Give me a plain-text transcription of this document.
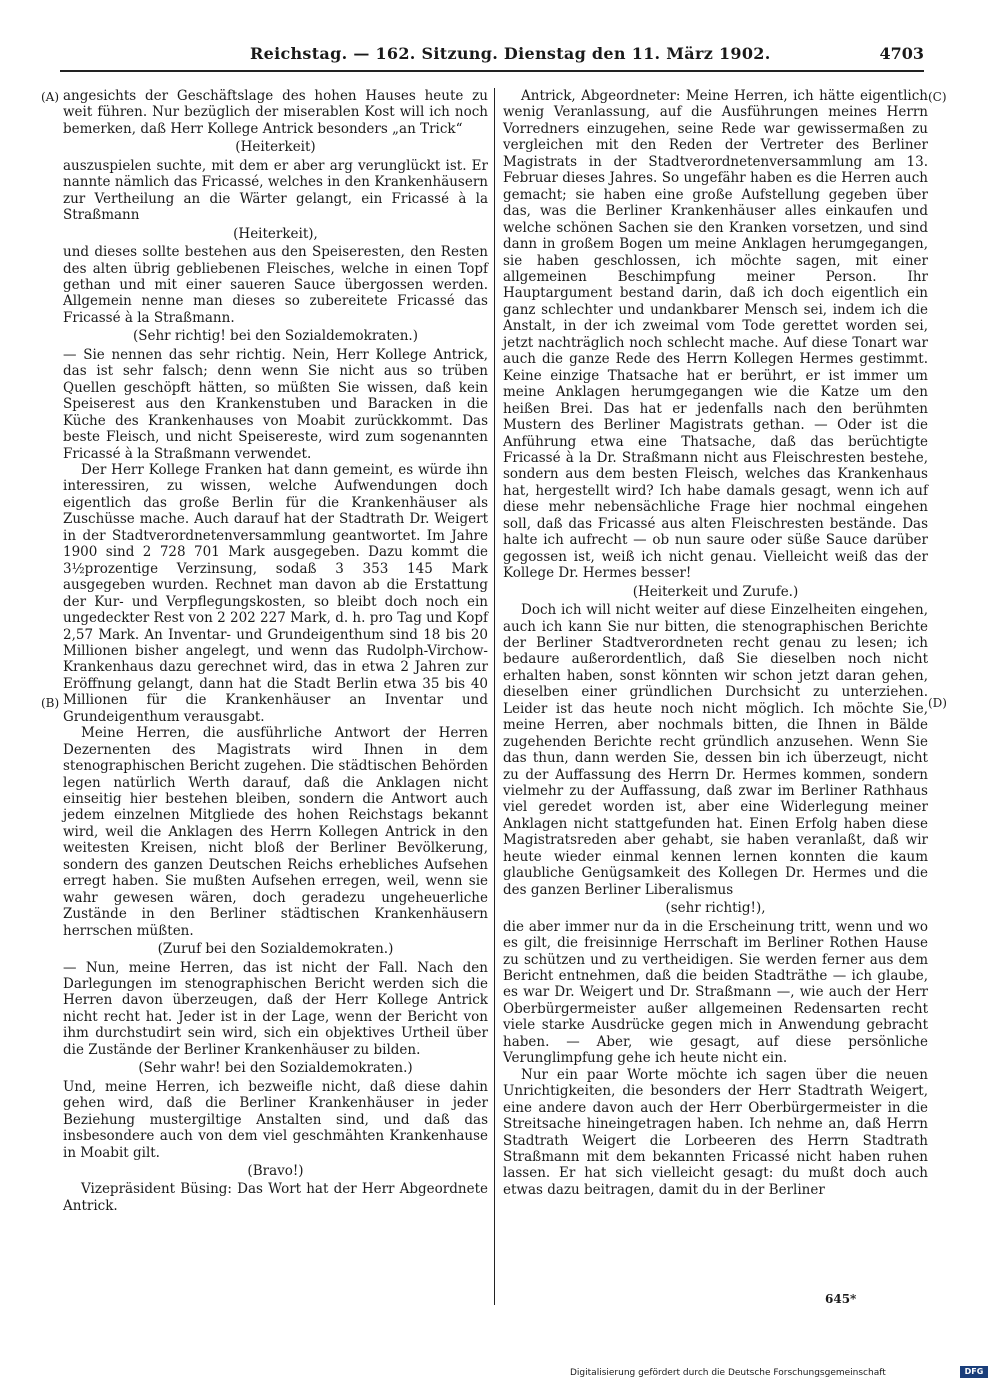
Reichstag. — 162. Sitzung. Dienstag den 11. März 1902.	4703
(A)
(B)
(C)
(D)

angesichts der Geschäftslage des hohen Hauses heute zu weit führen. Nur bezüglich der miserablen Kost will ich noch bemerken, daß Herr Kollege Antrick besonders „an Trick“

(Heiterkeit)

auszuspielen suchte, mit dem er aber arg verunglückt ist. Er nannte nämlich das Fricassé, welches in den Krankenhäusern zur Vertheilung an die Wärter gelangt, ein Fricassé à la Straßmann

(Heiterkeit),

und dieses sollte bestehen aus den Speiseresten, den Resten des alten übrig gebliebenen Fleisches, welche in einen Topf gethan und mit einer saueren Sauce übergossen werden. Allgemein nenne man dieses so zubereitete Fricassé das Fricassé à la Straßmann.

(Sehr richtig! bei den Sozialdemokraten.)

— Sie nennen das sehr richtig. Nein, Herr Kollege Antrick, das ist sehr falsch; denn wenn Sie nicht aus so trüben Quellen geschöpft hätten, so müßten Sie wissen, daß kein Speiserest aus den Krankenstuben und Baracken in die Küche des Krankenhauses von Moabit zurückkommt. Das beste Fleisch, und nicht Speisereste, wird zum sogenannten Fricassé à la Straßmann verwendet.

Der Herr Kollege Franken hat dann gemeint, es würde ihn interessiren, zu wissen, welche Aufwendungen doch eigentlich das große Berlin für die Krankenhäuser als Zuschüsse mache. Auch darauf hat der Stadtrath Dr. Weigert in der Stadtverordnetenversammlung geantwortet. Im Jahre 1900 sind 2 728 701 Mark ausgegeben. Dazu kommt die 3½prozentige Verzinsung, sodaß 3 353 145 Mark ausgegeben wurden. Rechnet man davon ab die Erstattung der Kur- und Verpflegungskosten, so bleibt doch noch ein ungedeckter Rest von 2 202 227 Mark, d. h. pro Tag und Kopf 2,57 Mark. An Inventar- und Grundeigenthum sind 18 bis 20 Millionen bisher angelegt, und wenn das Rudolph-Virchow-Krankenhaus dazu gerechnet wird, das in etwa 2 Jahren zur Eröffnung gelangt, dann hat die Stadt Berlin etwa 35 bis 40 Millionen für die Krankenhäuser an Inventar und Grundeigenthum verausgabt.

Meine Herren, die ausführliche Antwort der Herren Dezernenten des Magistrats wird Ihnen in dem stenographischen Bericht zugehen. Die städtischen Behörden legen natürlich Werth darauf, daß die Anklagen nicht einseitig hier bestehen bleiben, sondern die Antwort auch jedem einzelnen Mitgliede des hohen Reichstags bekannt wird, weil die Anklagen des Herrn Kollegen Antrick in den weitesten Kreisen, nicht bloß der Berliner Bevölkerung, sondern des ganzen Deutschen Reichs erhebliches Aufsehen erregt haben. Sie mußten Aufsehen erregen, weil, wenn sie wahr gewesen wären, doch geradezu ungeheuerliche Zustände in den Berliner städtischen Krankenhäusern herrschen müßten.

(Zuruf bei den Sozialdemokraten.)

— Nun, meine Herren, das ist nicht der Fall. Nach den Darlegungen im stenographischen Bericht werden sich die Herren davon überzeugen, daß der Herr Kollege Antrick nicht recht hat. Jeder ist in der Lage, wenn der Bericht von ihm durchstudirt sein wird, sich ein objektives Urtheil über die Zustände der Berliner Krankenhäuser zu bilden.

(Sehr wahr! bei den Sozialdemokraten.)

Und, meine Herren, ich bezweifle nicht, daß diese dahin gehen wird, daß die Berliner Krankenhäuser in jeder Beziehung mustergiltige Anstalten sind, und daß das insbesondere auch von dem viel geschmähten Krankenhause in Moabit gilt.

(Bravo!)

Vizepräsident Büsing: Das Wort hat der Herr Abgeordnete Antrick.

Antrick, Abgeordneter: Meine Herren, ich hätte eigentlich wenig Veranlassung, auf die Ausführungen meines Herrn Vorredners einzugehen, seine Rede war gewissermaßen zu vergleichen mit den Reden der Vertreter des Berliner Magistrats in der Stadtverordnetenversammlung am 13. Februar dieses Jahres. So ungefähr haben es die Herren auch gemacht; sie haben eine große Aufstellung gegeben über das, was die Berliner Krankenhäuser alles einkaufen und welche schönen Sachen sie den Kranken vorsetzen, und sind dann in großem Bogen um meine Anklagen herumgegangen, sie haben geschlossen, ich möchte sagen, mit einer allgemeinen Beschimpfung meiner Person. Ihr Hauptargument bestand darin, daß ich doch eigentlich ein ganz schlechter und undankbarer Mensch sei, indem ich die Anstalt, in der ich zweimal vom Tode gerettet worden sei, jetzt nachträglich noch schlecht mache. Auf diese Tonart war auch die ganze Rede des Herrn Kollegen Hermes gestimmt. Keine einzige Thatsache hat er berührt, er ist immer um meine Anklagen herumgegangen wie die Katze um den heißen Brei. Das hat er jedenfalls nach den berühmten Mustern des Berliner Magistrats gethan. — Oder ist die Anführung etwa eine Thatsache, daß das berüchtigte Fricassé à la Dr. Straßmann nicht aus Fleischresten bestehe, sondern aus dem besten Fleisch, welches das Krankenhaus hat, hergestellt wird? Ich habe damals gesagt, wenn ich auf diese mehr nebensächliche Frage hier nochmal eingehen soll, daß das Fricassé aus alten Fleischresten bestände. Das halte ich aufrecht — ob nun saure oder süße Sauce darüber gegossen ist, weiß ich nicht genau. Vielleicht weiß das der Kollege Dr. Hermes besser!

(Heiterkeit und Zurufe.)

Doch ich will nicht weiter auf diese Einzelheiten eingehen, auch ich kann Sie nur bitten, die stenographischen Berichte der Berliner Stadtverordneten recht genau zu lesen; ich bedaure außerordentlich, daß Sie dieselben noch nicht erhalten haben, sonst könnten wir schon jetzt daran gehen, dieselben einer gründlichen Durchsicht zu unterziehen. Leider ist das heute noch nicht möglich. Ich möchte Sie, meine Herren, aber nochmals bitten, die Ihnen in Bälde zugehenden Berichte recht gründlich anzusehen. Wenn Sie das thun, dann werden Sie, dessen bin ich überzeugt, nicht zu der Auffassung des Herrn Dr. Hermes kommen, sondern vielmehr zu der Auffassung, daß zwar im Berliner Rathhaus viel geredet worden ist, aber eine Widerlegung meiner Anklagen nicht stattgefunden hat. Einen Erfolg haben diese Magistratsreden aber gehabt, sie haben veranlaßt, daß wir heute wieder einmal kennen lernen konnten die kaum glaubliche Genügsamkeit des Kollegen Dr. Hermes und die des ganzen Berliner Liberalismus

(sehr richtig!),

die aber immer nur da in die Erscheinung tritt, wenn und wo es gilt, die freisinnige Herrschaft im Berliner Rothen Hause zu schützen und zu vertheidigen. Sie werden ferner aus dem Bericht entnehmen, daß die beiden Stadträthe — ich glaube, es war Dr. Weigert und Dr. Straßmann —, wie auch der Herr Oberbürgermeister außer allgemeinen Redensarten recht viele starke Ausdrücke gegen mich in Anwendung gebracht haben. — Aber, wie gesagt, auf diese persönliche Verunglimpfung gehe ich heute nicht ein.

Nur ein paar Worte möchte ich sagen über die neuen Unrichtigkeiten, die besonders der Herr Stadtrath Weigert, eine andere davon auch der Herr Oberbürgermeister in die Streitsache hineingetragen haben. Ich nehme an, daß Herrn Stadtrath Weigert die Lorbeeren des Herrn Stadtrath Straßmann mit dem bekannten Fricassé nicht haben ruhen lassen. Er hat sich vielleicht gesagt: du mußt doch auch etwas dazu beitragen, damit du in der Berliner

645*
Digitalisierung gefördert durch die Deutsche Forschungsgemeinschaft	DFG
